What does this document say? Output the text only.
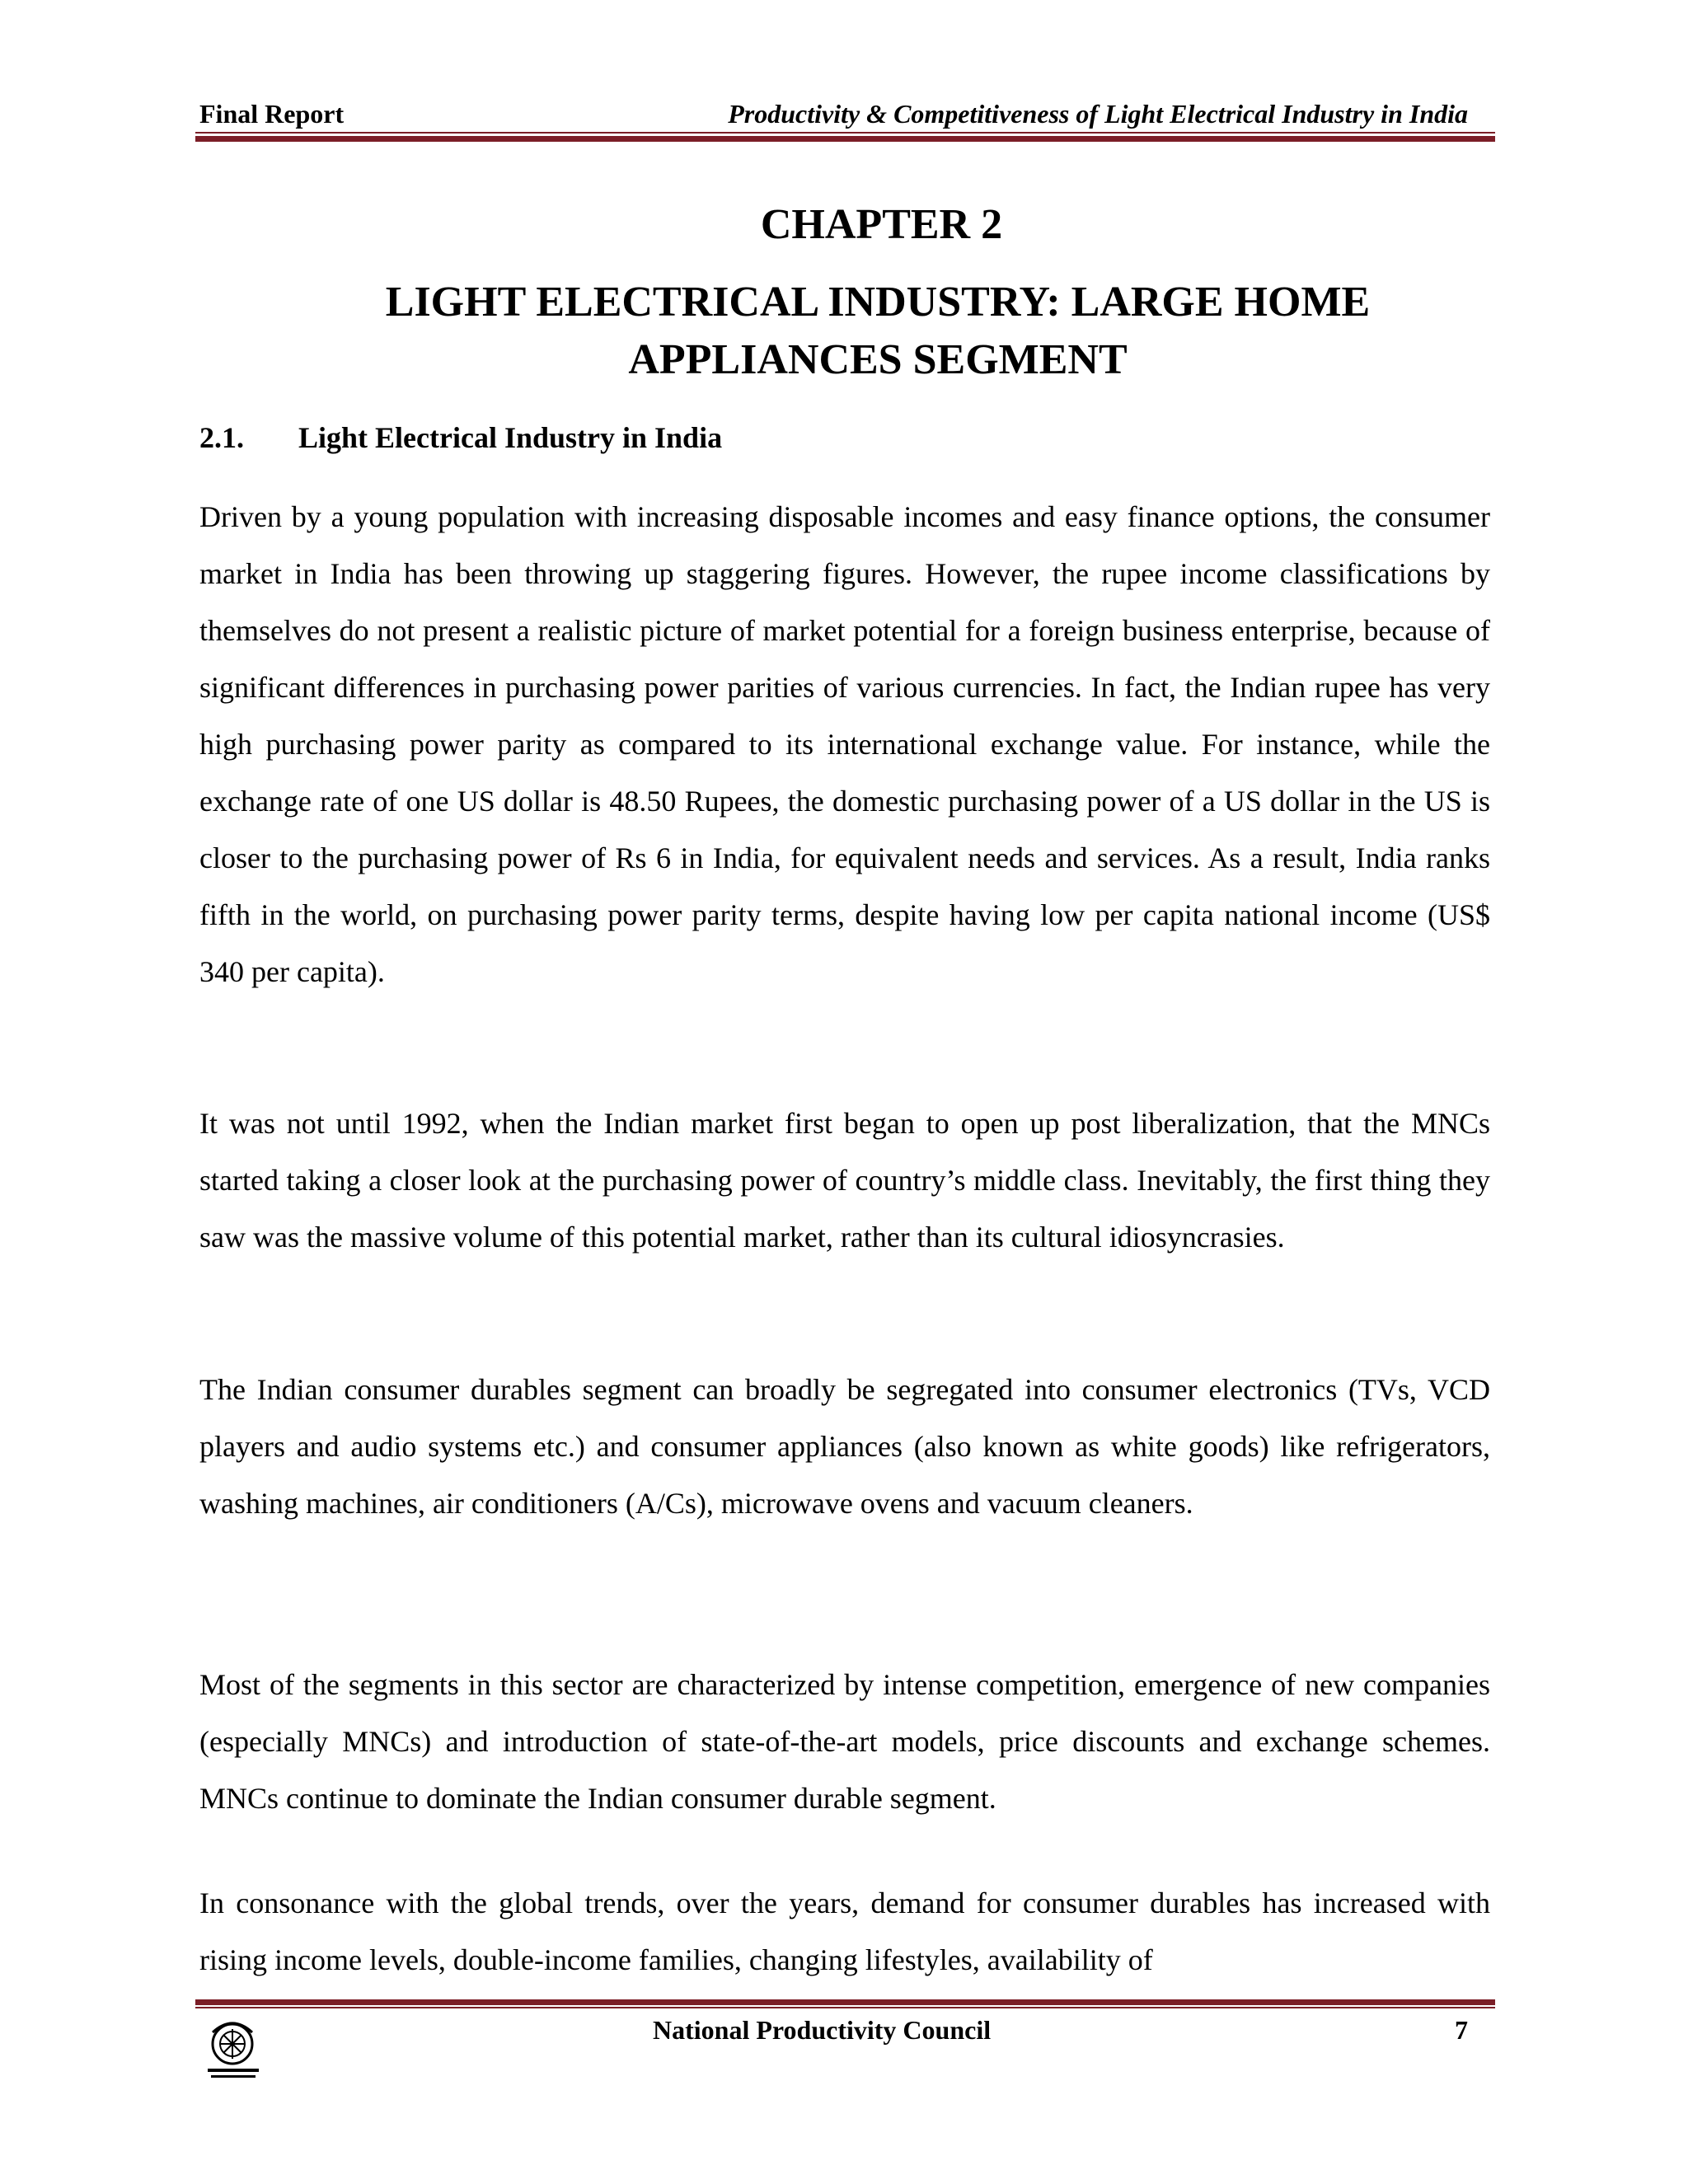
Final Report	Productivity & Competitiveness of Light Electrical Industry in India
CHAPTER 2
LIGHT ELECTRICAL INDUSTRY: LARGE HOME APPLIANCES SEGMENT
2.1. Light Electrical Industry in India
Driven by a young population with increasing disposable incomes and easy finance options, the consumer market in India has been throwing up staggering figures. However, the rupee income classifications by themselves do not present a realistic picture of market potential for a foreign business enterprise, because of significant differences in purchasing power parities of various currencies. In fact, the Indian rupee has very high purchasing power parity as compared to its international exchange value. For instance, while the exchange rate of one US dollar is 48.50 Rupees, the domestic purchasing power of a US dollar in the US is closer to the purchasing power of Rs 6 in India, for equivalent needs and services. As a result, India ranks fifth in the world, on purchasing power parity terms, despite having low per capita national income (US$ 340 per capita).
It was not until 1992, when the Indian market first began to open up post liberalization, that the MNCs started taking a closer look at the purchasing power of country’s middle class. Inevitably, the first thing they saw was the massive volume of this potential market, rather than its cultural idiosyncrasies.
The Indian consumer durables segment can broadly be segregated into consumer electronics (TVs, VCD players and audio systems etc.) and consumer appliances (also known as white goods) like refrigerators, washing machines, air conditioners (A/Cs), microwave ovens and vacuum cleaners.
Most of the segments in this sector are characterized by intense competition, emergence of new companies (especially MNCs) and introduction of state-of-the-art models, price discounts and exchange schemes. MNCs continue to dominate the Indian consumer durable segment.
In consonance with the global trends, over the years, demand for consumer durables has increased with rising income levels, double-income families, changing lifestyles, availability of
National Productivity Council	7
